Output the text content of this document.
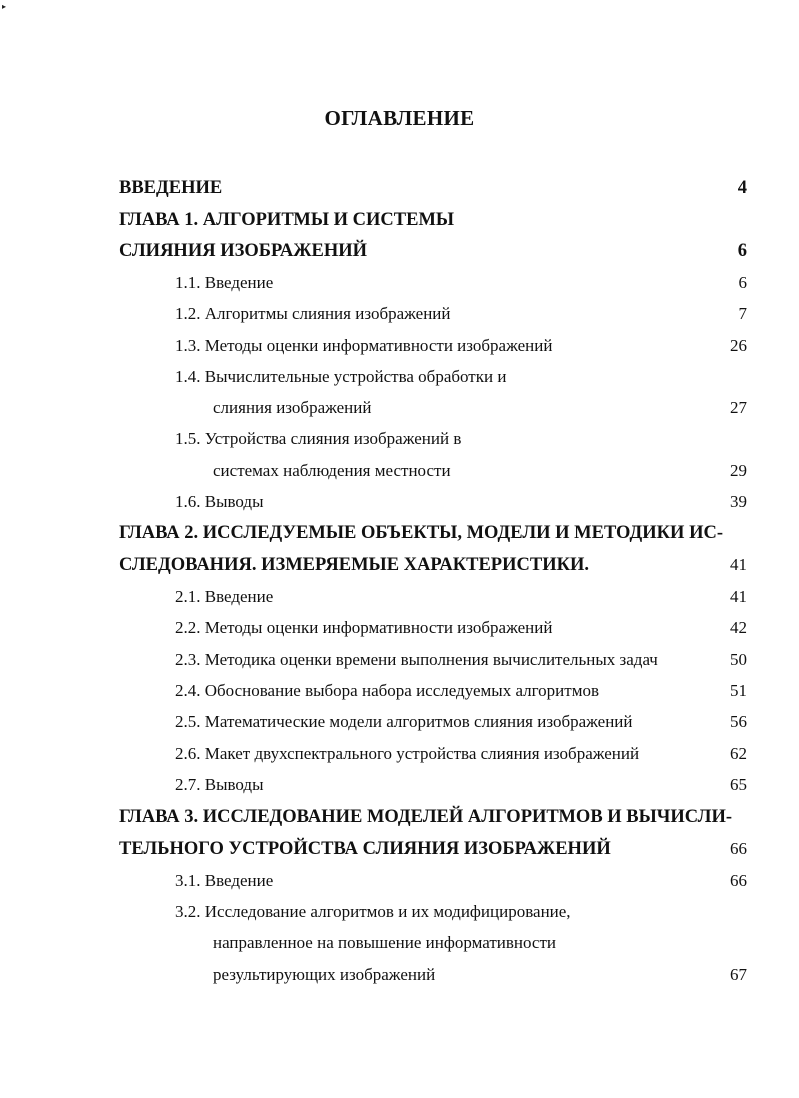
▸
ОГЛАВЛЕНИЕ
ВВЕДЕНИЕ	4
ГЛАВА 1. АЛГОРИТМЫ И СИСТЕМЫ
СЛИЯНИЯ ИЗОБРАЖЕНИЙ	6
1.1. Введение	6
1.2. Алгоритмы слияния изображений	7
1.3. Методы оценки информативности изображений	26
1.4. Вычислительные устройства обработки и
слияния изображений	27
1.5. Устройства слияния изображений в
системах наблюдения местности	29
1.6. Выводы	39
ГЛАВА 2. ИССЛЕДУЕМЫЕ ОБЪЕКТЫ, МОДЕЛИ И МЕТОДИКИ ИС-
СЛЕДОВАНИЯ. ИЗМЕРЯЕМЫЕ ХАРАКТЕРИСТИКИ.	41
2.1. Введение	41
2.2. Методы оценки информативности изображений	42
2.3. Методика оценки времени выполнения вычислительных задач	50
2.4. Обоснование выбора набора исследуемых алгоритмов	51
2.5. Математические модели алгоритмов слияния изображений	56
2.6. Макет двухспектрального устройства слияния изображений	62
2.7. Выводы	65
ГЛАВА 3. ИССЛЕДОВАНИЕ МОДЕЛЕЙ АЛГОРИТМОВ И ВЫЧИСЛИ-
ТЕЛЬНОГО УСТРОЙСТВА СЛИЯНИЯ ИЗОБРАЖЕНИЙ	66
3.1. Введение	66
3.2. Исследование алгоритмов и их модифицирование,
направленное на повышение информативности
результирующих изображений	67
